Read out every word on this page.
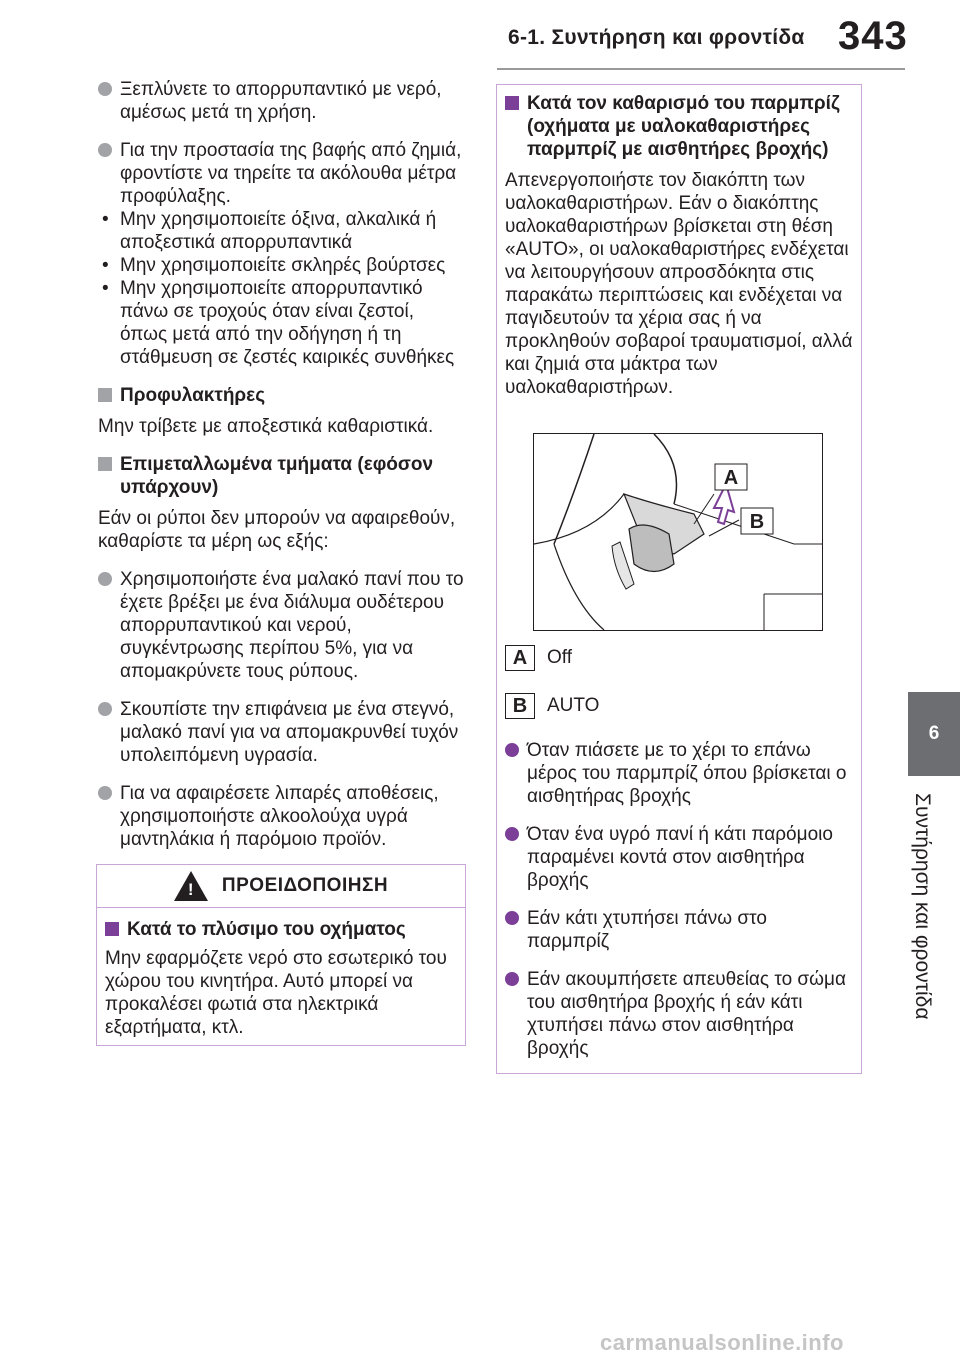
6-1. Συντήρηση και φροντίδα 343
6
Συντήρηση και φροντίδα
Ξεπλύνετε το απορρυπαντικό με νερό, αμέσως μετά τη χρήση.
Για την προστασία της βαφής από ζημιά, φροντίστε να τηρείτε τα ακόλουθα μέτρα προφύλαξης.
• Μην χρησιμοποιείτε όξινα, αλκαλικά ή αποξεστικά απορρυπαντικά
• Μην χρησιμοποιείτε σκληρές βούρτσες
• Μην χρησιμοποιείτε απορρυπαντικό πάνω σε τροχούς όταν είναι ζεστοί, όπως μετά από την οδήγηση ή τη στάθμευση σε ζεστές καιρικές συνθήκες
Προφυλακτήρες
Μην τρίβετε με αποξεστικά καθαριστικά.
Επιμεταλλωμένα τμήματα (εφόσον υπάρχουν)
Εάν οι ρύποι δεν μπορούν να αφαιρεθούν, καθαρίστε τα μέρη ως εξής:
Χρησιμοποιήστε ένα μαλακό πανί που το έχετε βρέξει με ένα διάλυμα ουδέτερου απορρυπαντικού και νερού, συγκέντρωσης περίπου 5%, για να απομακρύνετε τους ρύπους.
Σκουπίστε την επιφάνεια με ένα στεγνό, μαλακό πανί για να απομακρυνθεί τυχόν υπολειπόμενη υγρασία.
Για να αφαιρέσετε λιπαρές αποθέσεις, χρησιμοποιήστε αλκοολούχα υγρά μαντηλάκια ή παρόμοιο προϊόν.
! ΠΡΟΕΙΔΟΠΟΙΗΣΗ
Κατά το πλύσιμο του οχήματος
Μην εφαρμόζετε νερό στο εσωτερικό του χώρου του κινητήρα. Αυτό μπορεί να προκαλέσει φωτιά στα ηλεκτρικά εξαρτήματα, κτλ.
Κατά τον καθαρισμό του παρμπρίζ (οχήματα με υαλοκαθαριστήρες παρμπρίζ με αισθητήρες βροχής)
Απενεργοποιήστε τον διακόπτη των υαλοκαθαριστήρων. Εάν ο διακόπτης υαλοκαθαριστήρων βρίσκεται στη θέση «AUTO», οι υαλοκαθαριστήρες ενδέχεται να λειτουργήσουν απροσδόκητα στις παρακάτω περιπτώσεις και ενδέχεται να παγιδευτούν τα χέρια σας ή να προκληθούν σοβαροί τραυματισμοί, αλλά και ζημιά στα μάκτρα των υαλοκαθαριστήρων.
A
B
A	Off
B	AUTO
Όταν πιάσετε με το χέρι το επάνω μέρος του παρμπρίζ όπου βρίσκεται ο αισθητήρας βροχής
Όταν ένα υγρό πανί ή κάτι παρόμοιο παραμένει κοντά στον αισθητήρα βροχής
Εάν κάτι χτυπήσει πάνω στο παρμπρίζ
Εάν ακουμπήσετε απευθείας το σώμα του αισθητήρα βροχής ή εάν κάτι χτυπήσει πάνω στον αισθητήρα βροχής
carmanualsonline.info
